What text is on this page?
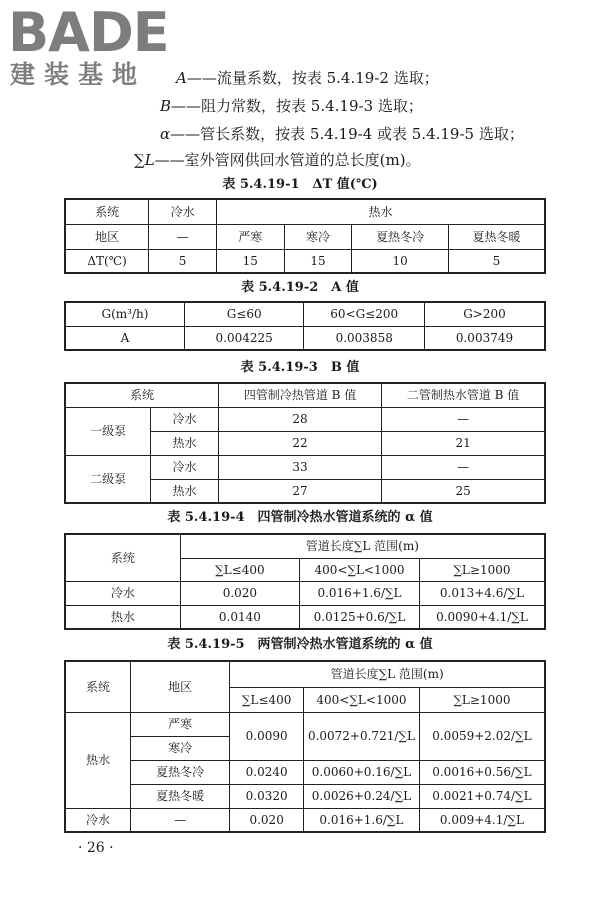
BADE
建装基地 A——流量系数，按表 5.4.19-2 选取；
B——阻力常数，按表 5.4.19-3 选取；
α——管长系数，按表 5.4.19-4 或表 5.4.19-5 选取；
∑L——室外管网供回水管道的总长度(m)。
表 5.4.19-1　ΔT 值(℃)
系统	冷水	热水			
地区	—	严寒	寒冷	夏热冬冷	夏热冬暖
ΔT(℃)	5	15	15	10	5
表 5.4.19-2　A 值
G(m³/h)	G≤60	60<G≤200	G>200
A	0.004225	0.003858	0.003749
表 5.4.19-3　B 值
系统		四管制冷热管道 B 值	二管制热水管道 B 值
一级泵	冷水	28	—
	热水	22	21
二级泵	冷水	33	—
	热水	27	25
表 5.4.19-4　四管制冷热水管道系统的 α 值
系统	管道长度∑L 范围(m)		
	∑L≤400	400<∑L<1000	∑L≥1000
冷水	0.020	0.016+1.6/∑L	0.013+4.6/∑L
热水	0.0140	0.0125+0.6/∑L	0.0090+4.1/∑L
表 5.4.19-5　两管制冷热水管道系统的 α 值
系统	地区	管道长度∑L 范围(m)		
		∑L≤400	400<∑L<1000	∑L≥1000
热水	严寒	0.0090	0.0072+0.721/∑L	0.0059+2.02/∑L
	寒冷			
	夏热冬冷	0.0240	0.0060+0.16/∑L	0.0016+0.56/∑L
	夏热冬暖	0.0320	0.0026+0.24/∑L	0.0021+0.74/∑L
冷水	—	0.020	0.016+1.6/∑L	0.009+4.1/∑L
· 26 ·
